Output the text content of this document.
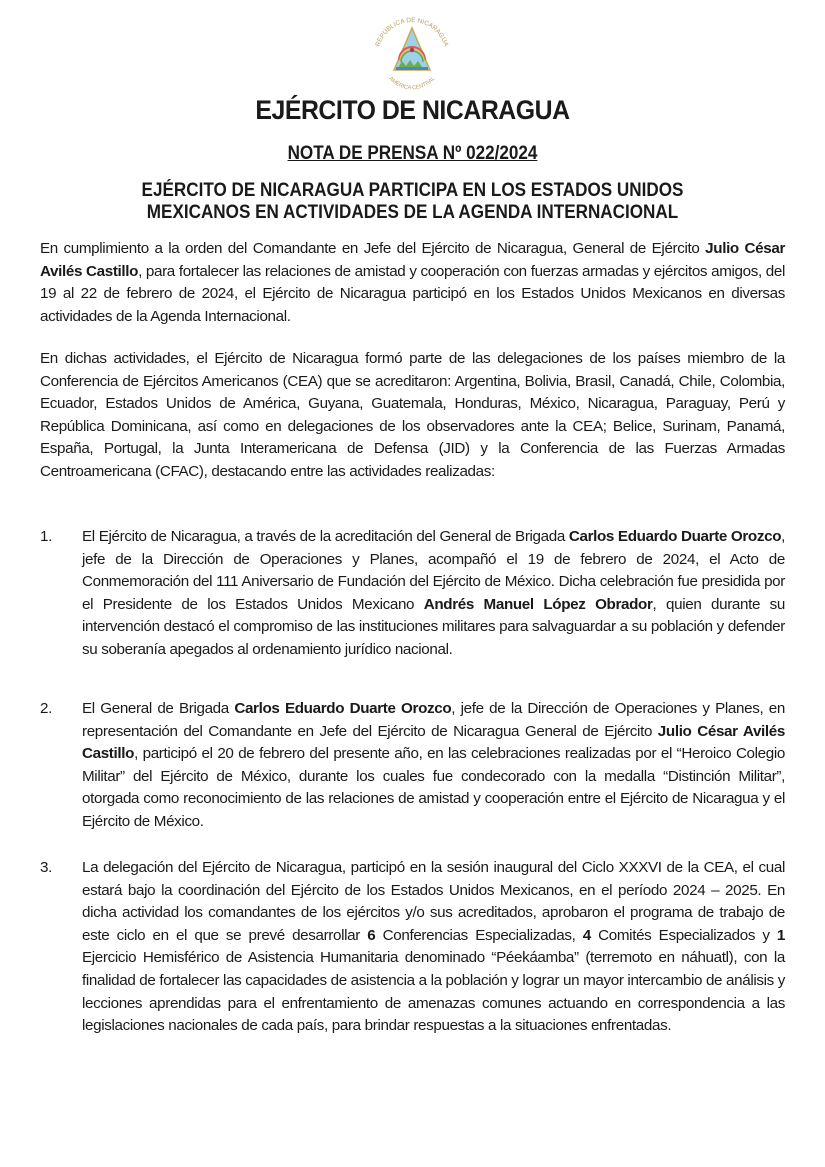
REPÚBLICA DE NICARAGUA
AMÉRICA CENTRAL
EJÉRCITO DE NICARAGUA
NOTA DE PRENSA Nº 022/2024
EJÉRCITO DE NICARAGUA PARTICIPA EN LOS ESTADOS UNIDOS
MEXICANOS EN ACTIVIDADES DE LA AGENDA INTERNACIONAL
En cumplimiento a la orden del Comandante en Jefe del Ejército de Nicaragua, General de Ejército Julio César Avilés Castillo, para fortalecer las relaciones de amistad y cooperación con fuerzas armadas y ejércitos amigos, del 19 al 22 de febrero de 2024, el Ejército de Nicaragua participó en los Estados Unidos Mexicanos en diversas actividades de la Agenda Internacional.
En dichas actividades, el Ejército de Nicaragua formó parte de las delegaciones de los países miembro de la Conferencia de Ejércitos Americanos (CEA) que se acreditaron: Argentina, Bolivia, Brasil, Canadá, Chile, Colombia, Ecuador, Estados Unidos de América, Guyana, Guatemala, Honduras, México, Nicaragua, Paraguay, Perú y República Dominicana, así como en delegaciones de los observadores ante la CEA; Belice, Surinam, Panamá, España, Portugal, la Junta Interamericana de Defensa (JID) y la Conferencia de las Fuerzas Armadas Centroamericana (CFAC), destacando entre las actividades realizadas:
1.	El Ejército de Nicaragua, a través de la acreditación del General de Brigada Carlos Eduardo Duarte Orozco, jefe de la Dirección de Operaciones y Planes, acompañó el 19 de febrero de 2024, el Acto de Conmemoración del 111 Aniversario de Fundación del Ejército de México. Dicha celebración fue presidida por el Presidente de los Estados Unidos Mexicano Andrés Manuel López Obrador, quien durante su intervención destacó el compromiso de las instituciones militares para salvaguardar a su población y defender su soberanía apegados al ordenamiento jurídico nacional.
2.	El General de Brigada Carlos Eduardo Duarte Orozco, jefe de la Dirección de Operaciones y Planes, en representación del Comandante en Jefe del Ejército de Nicaragua General de Ejército Julio César Avilés Castillo, participó el 20 de febrero del presente año, en las celebraciones realizadas por el “Heroico Colegio Militar” del Ejército de México, durante los cuales fue condecorado con la medalla “Distinción Militar”, otorgada como reconocimiento de las relaciones de amistad y cooperación entre el Ejército de Nicaragua y el Ejército de México.
3.	La delegación del Ejército de Nicaragua, participó en la sesión inaugural del Ciclo XXXVI de la CEA, el cual estará bajo la coordinación del Ejército de los Estados Unidos Mexicanos, en el período 2024 – 2025. En dicha actividad los comandantes de los ejércitos y/o sus acreditados, aprobaron el programa de trabajo de este ciclo en el que se prevé desarrollar 6 Conferencias Especializadas, 4 Comités Especializados y 1 Ejercicio Hemisférico de Asistencia Humanitaria denominado “Péekáamba” (terremoto en náhuatl), con la finalidad de fortalecer las capacidades de asistencia a la población y lograr un mayor intercambio de análisis y lecciones aprendidas para el enfrentamiento de amenazas comunes actuando en correspondencia a las legislaciones nacionales de cada país, para brindar respuestas a la situaciones enfrentadas.
